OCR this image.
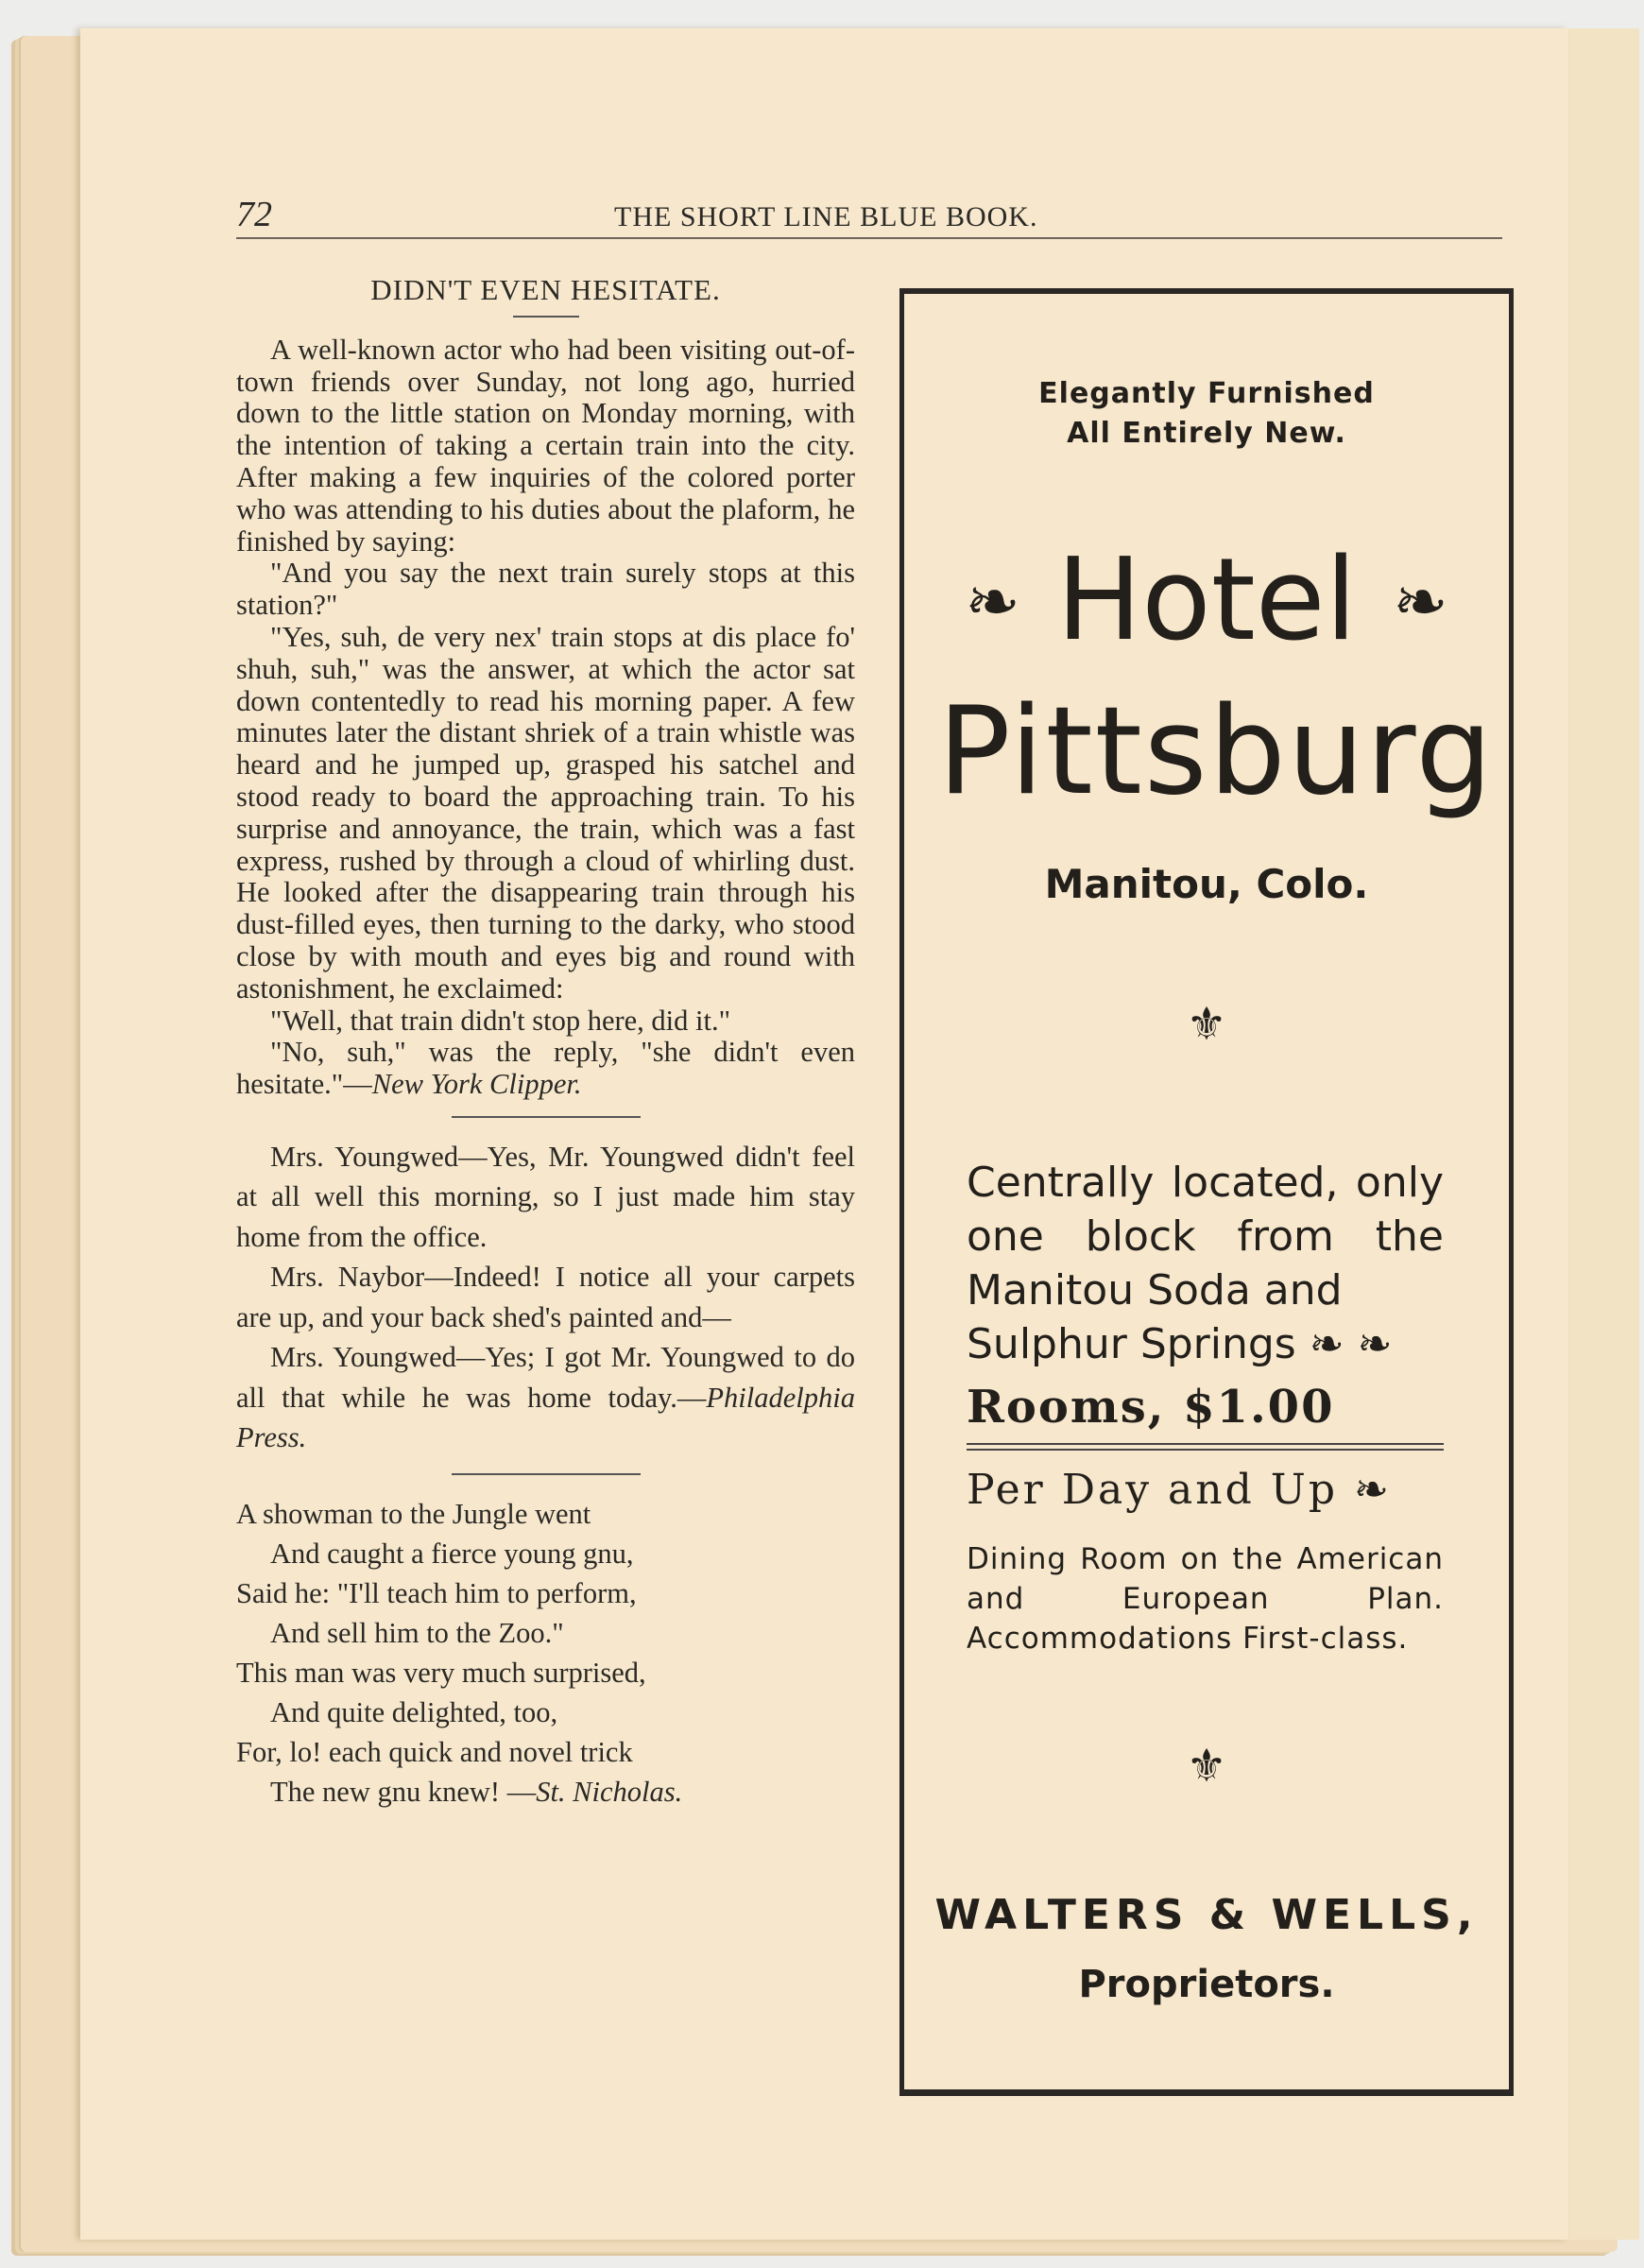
72	THE SHORT LINE BLUE BOOK.
DIDN'T EVEN HESITATE.

A well-known actor who had been visiting out-of-town friends over Sunday, not long ago, hurried down to the little station on Monday morning, with the intention of taking a certain train into the city. After making a few inquiries of the colored porter who was attending to his duties about the plaform, he finished by saying:

"And you say the next train surely stops at this station?"

"Yes, suh, de very nex' train stops at dis place fo' shuh, suh," was the answer, at which the actor sat down contentedly to read his morning paper. A few minutes later the distant shriek of a train whistle was heard and he jumped up, grasped his satchel and stood ready to board the approaching train. To his surprise and annoyance, the train, which was a fast express, rushed by through a cloud of whirling dust. He looked after the disappearing train through his dust-filled eyes, then turning to the darky, who stood close by with mouth and eyes big and round with astonishment, he exclaimed:

"Well, that train didn't stop here, did it."

"No, suh," was the reply, "she didn't even hesitate."—New York Clipper.

Mrs. Youngwed—Yes, Mr. Youngwed didn't feel at all well this morning, so I just made him stay home from the office.

Mrs. Naybor—Indeed! I notice all your carpets are up, and your back shed's painted and—

Mrs. Youngwed—Yes; I got Mr. Youngwed to do all that while he was home today.—Philadelphia Press.

A showman to the Jungle went
And caught a fierce young gnu,
Said he: "I'll teach him to perform,
And sell him to the Zoo."
This man was very much surprised,
And quite delighted, too,
For, lo! each quick and novel trick
The new gnu knew! —St. Nicholas.
Elegantly Furnished
All Entirely New.
❧ Hotel ❧
Pittsburg
Manitou, Colo.
⚜
Centrally located, only one block from the Manitou Soda and
Sulphur Springs ❧ ❧
Rooms, $1.00
Per Day and Up ❧
Dining Room on the American and European Plan. Accommodations First-class.
⚜
WALTERS & WELLS,
Proprietors.
